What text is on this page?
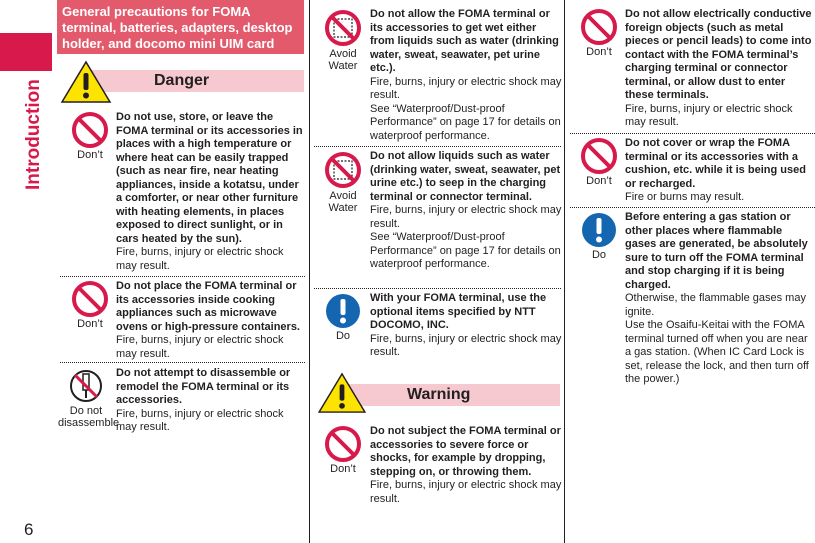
Introduction
6
General precautions for FOMA terminal, batteries, adapters, desktop holder, and docomo mini UIM card
Danger
Don’t
Do not use, store, or leave the FOMA terminal or its accessories in places with a high temperature or where heat can be easily trapped (such as near fire, near heating appliances, inside a kotatsu, under a comforter, or near other furniture with heating elements, in places exposed to direct sunlight, or in cars heated by the sun).
Fire, burns, injury or electric shock may result.
Don’t
Do not place the FOMA terminal or its accessories inside cooking appliances such as microwave ovens or high-pressure containers.
Fire, burns, injury or electric shock may result.
Do not
disassemble
Do not attempt to disassemble or remodel the FOMA terminal or its accessories.
Fire, burns, injury or electric shock may result.
Avoid
Water
Do not allow the FOMA terminal or its accessories to get wet either from liquids such as water (drinking water, sweat, seawater, pet urine etc.).
Fire, burns, injury or electric shock may result.
See “Waterproof/Dust-proof Performance” on page 17 for details on waterproof performance.
Avoid
Water
Do not allow liquids such as water (drinking water, sweat, seawater, pet urine etc.) to seep in the charging terminal or connector terminal.
Fire, burns, injury or electric shock may result.
See “Waterproof/Dust-proof Performance” on page 17 for details on waterproof performance.
Do
With your FOMA terminal, use the optional items specified by NTT DOCOMO, INC.
Fire, burns, injury or electric shock may result.
Warning
Don’t
Do not subject the FOMA terminal or accessories to severe force or shocks, for example by dropping, stepping on, or throwing them.
Fire, burns, injury or electric shock may result.
Don’t
Do not allow electrically conductive foreign objects (such as metal pieces or pencil leads) to come into contact with the FOMA terminal’s charging terminal or connector terminal, or allow dust to enter these terminals.
Fire, burns, injury or electric shock may result.
Don’t
Do not cover or wrap the FOMA terminal or its accessories with a cushion, etc. while it is being used or recharged.
Fire or burns may result.
Do
Before entering a gas station or other places where flammable gases are generated, be absolutely sure to turn off the FOMA terminal and stop charging if it is being charged.
Otherwise, the flammable gases may ignite.
Use the Osaifu-Keitai with the FOMA terminal turned off when you are near a gas station. (When IC Card Lock is set, release the lock, and then turn off the power.)
